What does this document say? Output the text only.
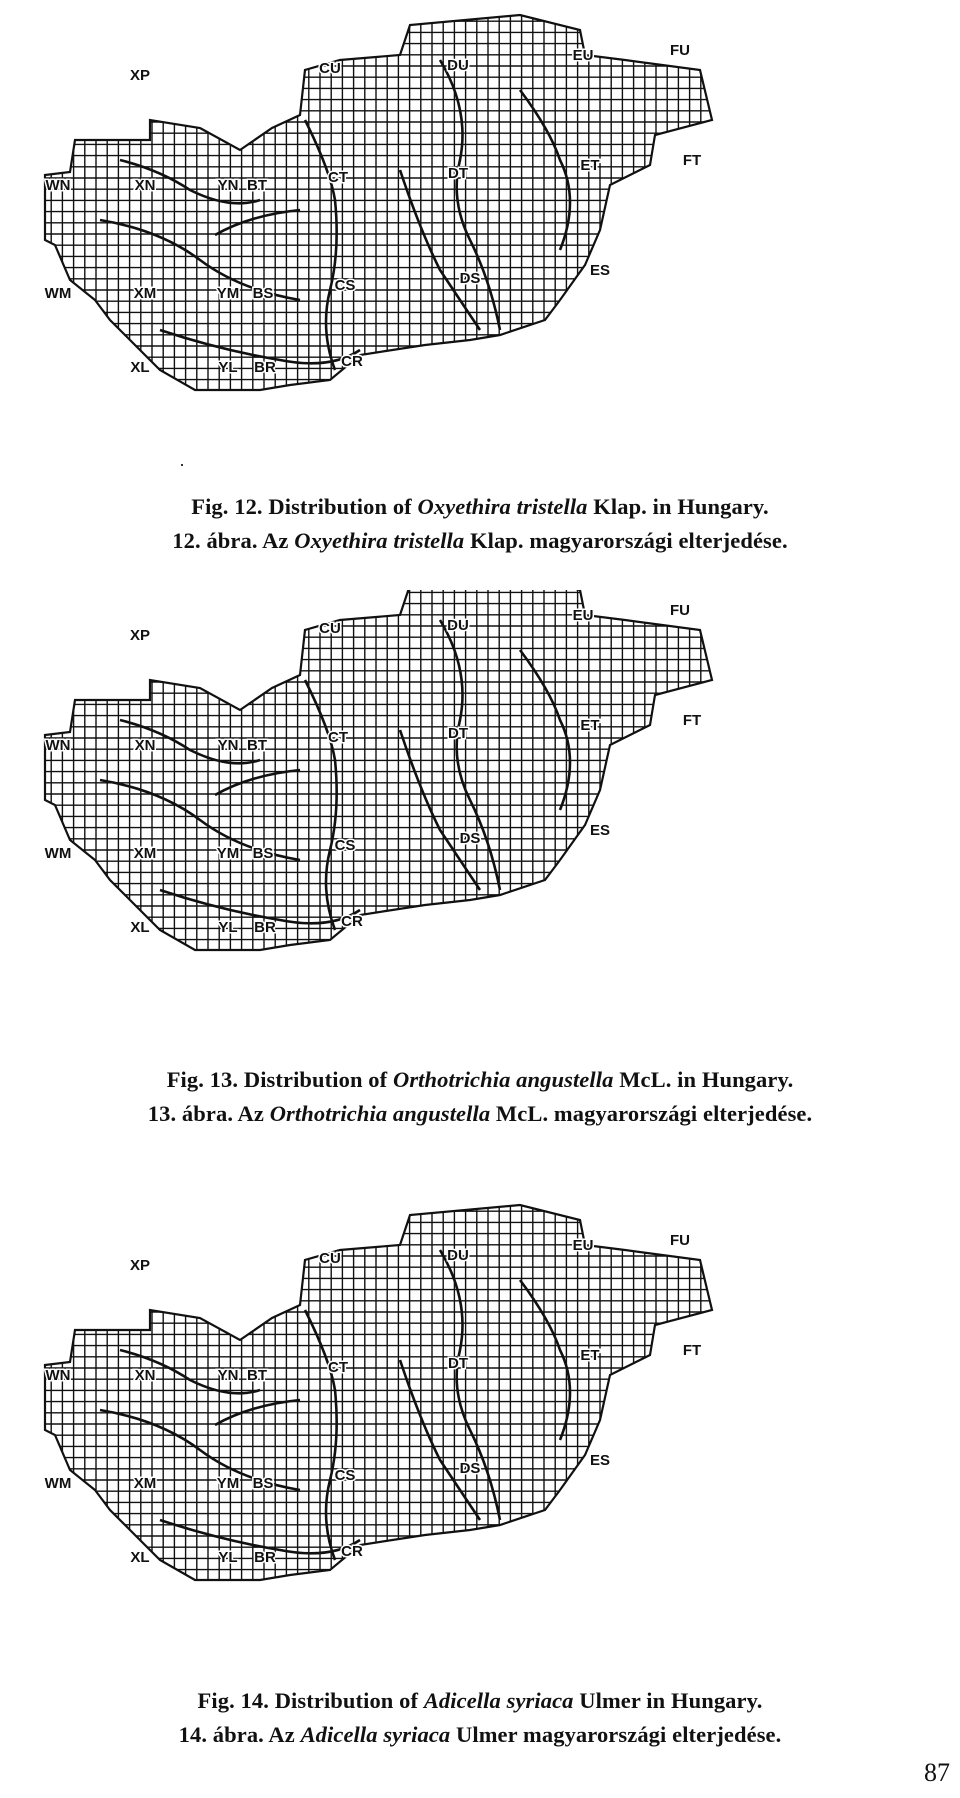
XP	CU	DU
EU	FU
WN	XN	YN BT	CT	DT	ET	FT
WM	XM	YM BS	CS	DS	ES
XL	YL BR	CR
Fig. 12. Distribution of Oxyethira tristella Klap. in Hungary.
12. ábra. Az Oxyethira tristella Klap. magyarországi elterjedése.
XP	CU	DU
EU	FU
WN	XN	YN BT	CT	DT	ET	FT
WM	XM	YM BS	CS	DS	ES
XL	YL BR	CR
Fig. 13. Distribution of Orthotrichia angustella McL. in Hungary.
13. ábra. Az Orthotrichia angustella McL. magyarországi elterjedése.
XP	CU	DU
EU	FU
WN	XN	YN BT	CT	DT	ET	FT
WM	XM	YM BS	CS	DS	ES
XL	YL BR	CR
Fig. 14. Distribution of Adicella syriaca Ulmer in Hungary.
14. ábra. Az Adicella syriaca Ulmer magyarországi elterjedése.
87
